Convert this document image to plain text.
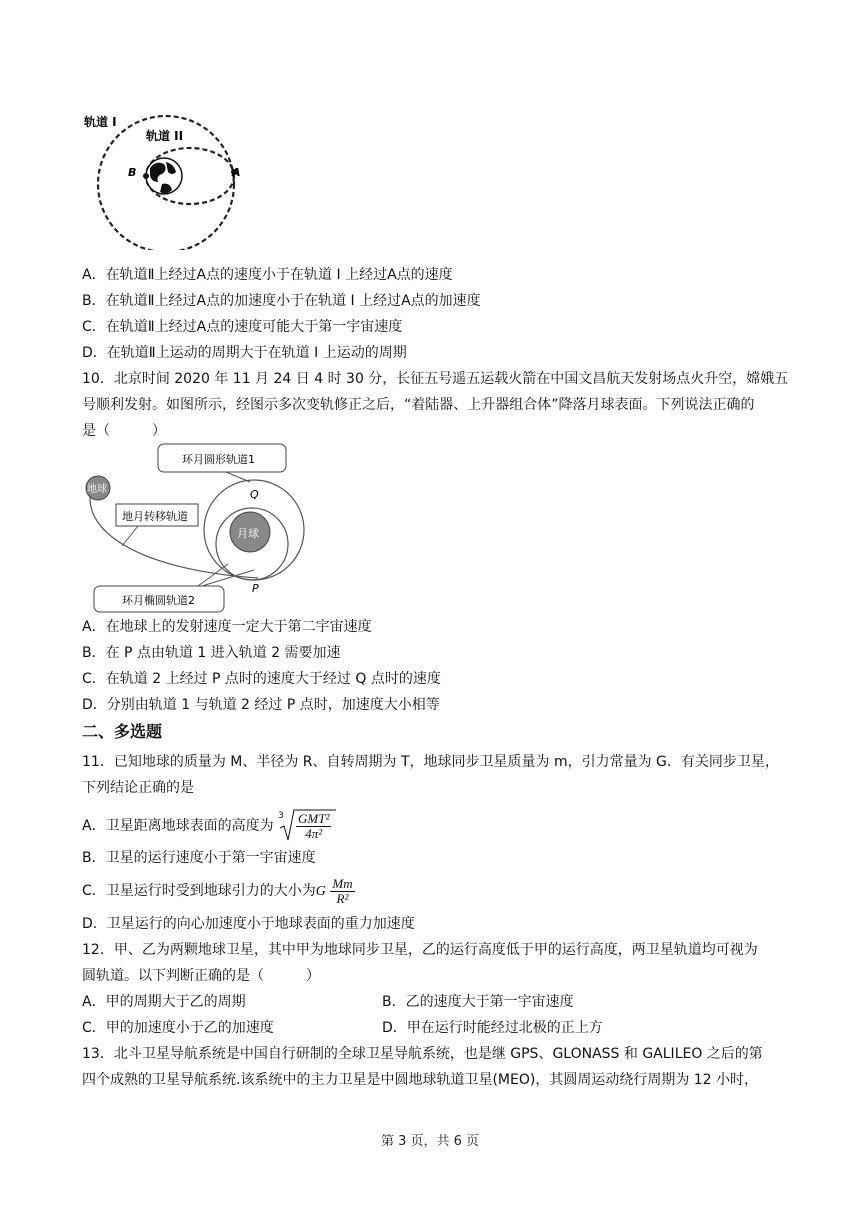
轨道 I
轨道 II
B	A
A．在轨道Ⅱ上经过A点的速度小于在轨道 I 上经过A点的速度
B．在轨道Ⅱ上经过A点的加速度小于在轨道 I 上经过A点的加速度
C．在轨道Ⅱ上经过A点的速度可能大于第一宇宙速度
D．在轨道Ⅱ上运动的周期大于在轨道 I 上运动的周期
10．北京时间 2020 年 11 月 24 日 4 时 30 分，长征五号遥五运载火箭在中国文昌航天发射场点火升空，嫦娥五
号顺利发射。如图所示，经图示多次变轨修正之后，“着陆器、上升器组合体”降落月球表面。下列说法正确的
是（　　　）
月球
地球
环月圆形轨道1
地月转移轨道
环月椭圆轨道2
Q
P
A．在地球上的发射速度一定大于第二宇宙速度
B．在 P 点由轨道 1 进入轨道 2 需要加速
C．在轨道 2 上经过 P 点时的速度大于经过 Q 点时的速度
D．分别由轨道 1 与轨道 2 经过 P 点时，加速度大小相等
二、多选题
11．已知地球的质量为 M、半径为 R、自转周期为 T，地球同步卫星质量为 m，引力常量为 G．有关同步卫星，
下列结论正确的是
A．卫星距离地球表面的高度为
3 GMT²
4π²
B．卫星的运行速度小于第一宇宙速度
C．卫星运行时受到地球引力的大小为G $\frac{Mm}{\text{R²}}$
D．卫星运行的向心加速度小于地球表面的重力加速度
12．甲、乙为两颗地球卫星，其中甲为地球同步卫星，乙的运行高度低于甲的运行高度，两卫星轨道均可视为
圆轨道。以下判断正确的是（　　　）
A．甲的周期大于乙的周期	B．乙的速度大于第一宇宙速度
C．甲的加速度小于乙的加速度	D．甲在运行时能经过北极的正上方
13．北斗卫星导航系统是中国自行研制的全球卫星导航系统，也是继 GPS、GLONASS 和 GALILEO 之后的第
四个成熟的卫星导航系统.该系统中的主力卫星是中圆地球轨道卫星(MEO)，其圆周运动绕行周期为 12 小时，
第 3 页，共 6 页
